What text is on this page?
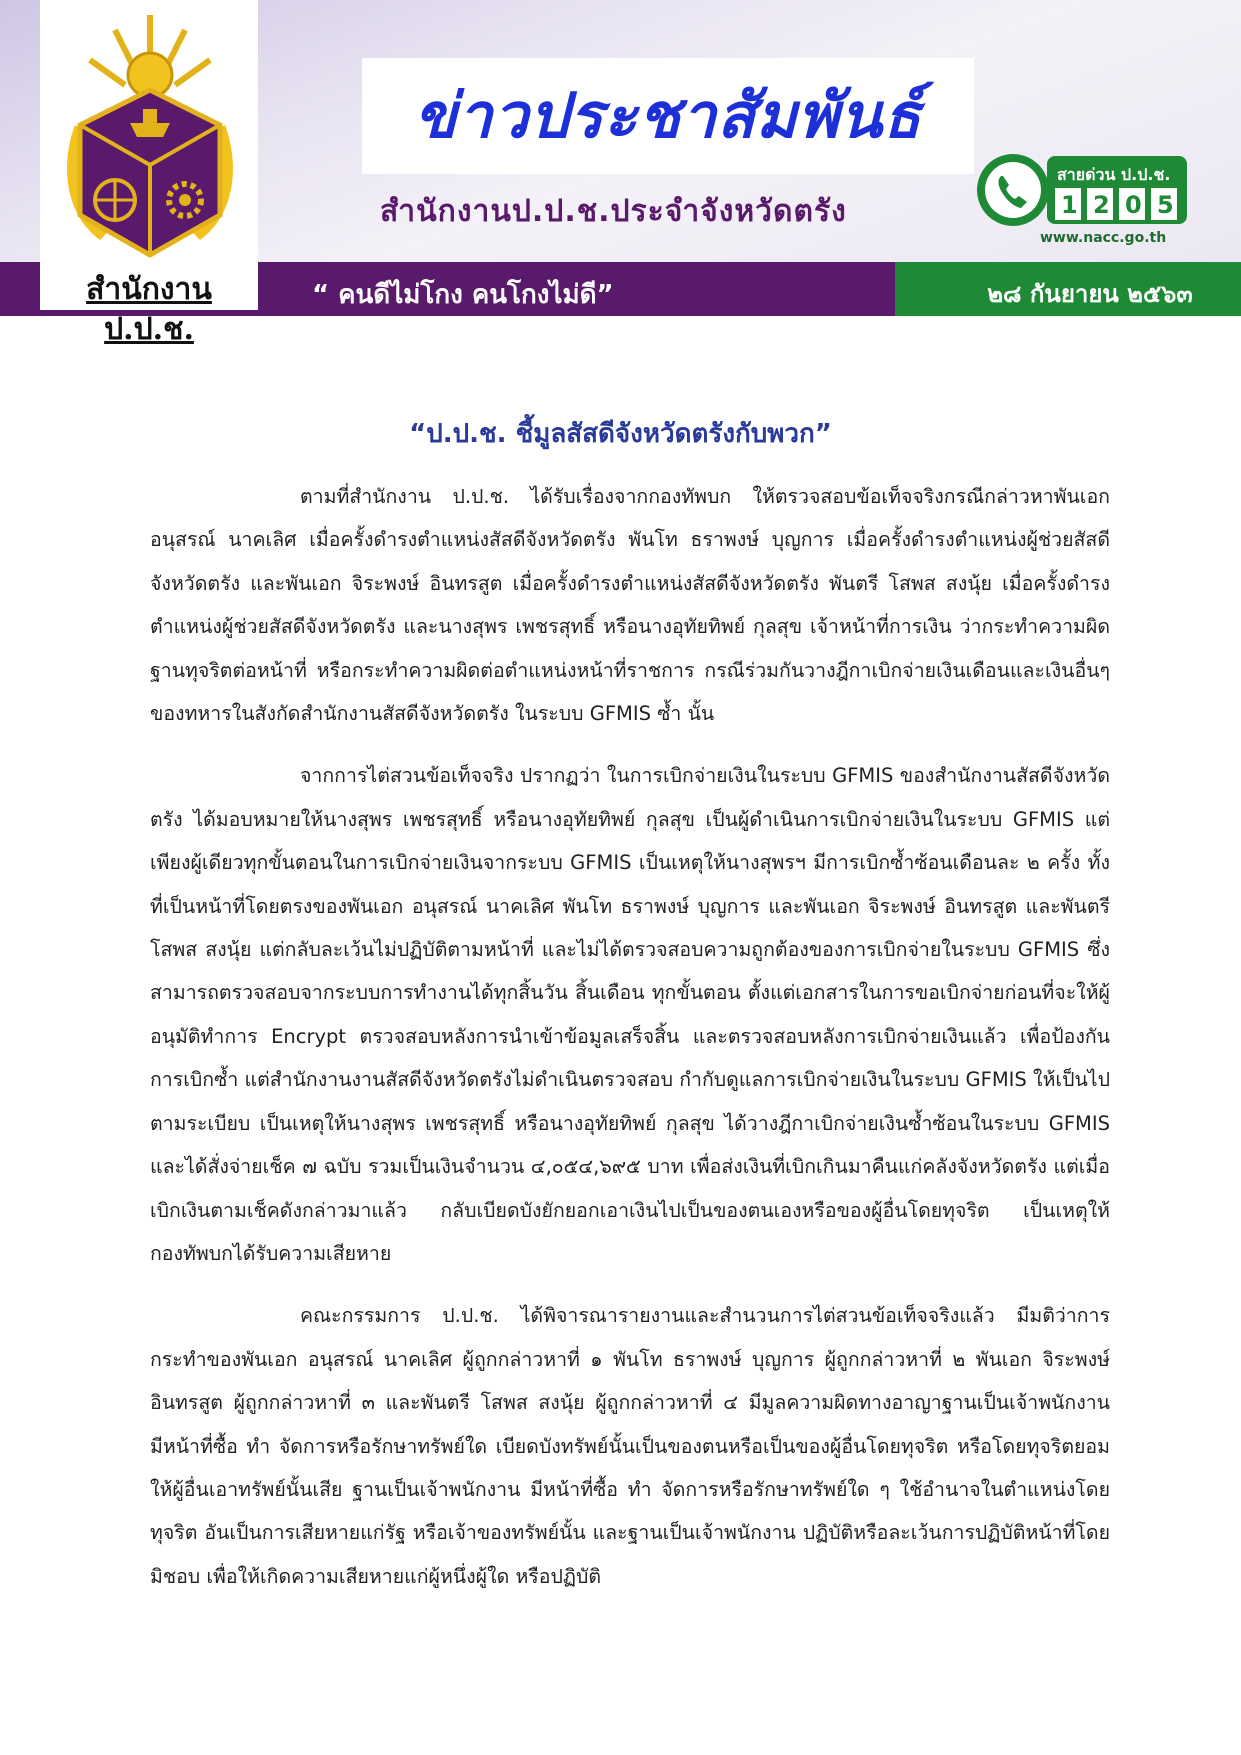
สำนักงาน ป.ป.ช.
ข่าวประชาสัมพันธ์
สำนักงานป.ป.ช.ประจำจังหวัดตรัง
สายด่วน ป.ป.ช.
1 2 0 5
www.nacc.go.th
“ คนดีไม่โกง คนโกงไม่ดี”	๒๘ กันยายน ๒๕๖๓
“ป.ป.ช. ชี้มูลสัสดีจังหวัดตรังกับพวก”

ตามที่สำนักงาน ป.ป.ช. ได้รับเรื่องจากกองทัพบก ให้ตรวจสอบข้อเท็จจริงกรณีกล่าวหาพันเอก อนุสรณ์ นาคเลิศ เมื่อครั้งดำรงตำแหน่งสัสดีจังหวัดตรัง พันโท ธราพงษ์ บุญการ เมื่อครั้งดำรงตำแหน่งผู้ช่วยสัสดีจังหวัดตรัง และพันเอก จิระพงษ์ อินทรสูต เมื่อครั้งดำรงตำแหน่งสัสดีจังหวัดตรัง พันตรี โสพส สงนุ้ย เมื่อครั้งดำรงตำแหน่งผู้ช่วยสัสดีจังหวัดตรัง และนางสุพร เพชรสุทธิ์ หรือนางอุทัยทิพย์ กุลสุข เจ้าหน้าที่การเงิน ว่ากระทำความผิดฐานทุจริตต่อหน้าที่ หรือกระทำความผิดต่อตำแหน่งหน้าที่ราชการ กรณีร่วมกันวางฎีกาเบิกจ่ายเงินเดือนและเงินอื่นๆ ของทหารในสังกัดสำนักงานสัสดีจังหวัดตรัง ในระบบ GFMIS ซ้ำ นั้น

จากการไต่สวนข้อเท็จจริง ปรากฏว่า ในการเบิกจ่ายเงินในระบบ GFMIS ของสำนักงานสัสดีจังหวัดตรัง ได้มอบหมายให้นางสุพร เพชรสุทธิ์ หรือนางอุทัยทิพย์ กุลสุข เป็นผู้ดำเนินการเบิกจ่ายเงินในระบบ GFMIS แต่เพียงผู้เดียวทุกขั้นตอนในการเบิกจ่ายเงินจากระบบ GFMIS เป็นเหตุให้นางสุพรฯ มีการเบิกซ้ำซ้อนเดือนละ ๒ ครั้ง ทั้งที่เป็นหน้าที่โดยตรงของพันเอก อนุสรณ์ นาคเลิศ พันโท ธราพงษ์ บุญการ และพันเอก จิระพงษ์ อินทรสูต และพันตรี โสพส สงนุ้ย แต่กลับละเว้นไม่ปฏิบัติตามหน้าที่ และไม่ได้ตรวจสอบความถูกต้องของการเบิกจ่ายในระบบ GFMIS ซึ่งสามารถตรวจสอบจากระบบการทำงานได้ทุกสิ้นวัน สิ้นเดือน ทุกขั้นตอน ตั้งแต่เอกสารในการขอเบิกจ่ายก่อนที่จะให้ผู้อนุมัติทำการ Encrypt ตรวจสอบหลังการนำเข้าข้อมูลเสร็จสิ้น และตรวจสอบหลังการเบิกจ่ายเงินแล้ว เพื่อป้องกันการเบิกซ้ำ แต่สำนักงานงานสัสดีจังหวัดตรังไม่ดำเนินตรวจสอบ กำกับดูแลการเบิกจ่ายเงินในระบบ GFMIS ให้เป็นไปตามระเบียบ เป็นเหตุให้นางสุพร เพชรสุทธิ์ หรือนางอุทัยทิพย์ กุลสุข ได้วางฎีกาเบิกจ่ายเงินซ้ำซ้อนในระบบ GFMIS และได้สั่งจ่ายเช็ค ๗ ฉบับ รวมเป็นเงินจำนวน ๔,๐๕๔,๖๙๕ บาท เพื่อส่งเงินที่เบิกเกินมาคืนแก่คลังจังหวัดตรัง แต่เมื่อเบิกเงินตามเช็คดังกล่าวมาแล้ว กลับเบียดบังยักยอกเอาเงินไปเป็นของตนเองหรือของผู้อื่นโดยทุจริต เป็นเหตุให้กองทัพบกได้รับความเสียหาย

คณะกรรมการ ป.ป.ช. ได้พิจารณารายงานและสำนวนการไต่สวนข้อเท็จจริงแล้ว มีมติว่าการกระทำของพันเอก อนุสรณ์ นาคเลิศ ผู้ถูกกล่าวหาที่ ๑ พันโท ธราพงษ์ บุญการ ผู้ถูกกล่าวหาที่ ๒ พันเอก จิระพงษ์ อินทรสูต ผู้ถูกกล่าวหาที่ ๓ และพันตรี โสพส สงนุ้ย ผู้ถูกกล่าวหาที่ ๔ มีมูลความผิดทางอาญาฐานเป็นเจ้าพนักงาน มีหน้าที่ซื้อ ทำ จัดการหรือรักษาทรัพย์ใด เบียดบังทรัพย์นั้นเป็นของตนหรือเป็นของผู้อื่นโดยทุจริต หรือโดยทุจริตยอมให้ผู้อื่นเอาทรัพย์นั้นเสีย ฐานเป็นเจ้าพนักงาน มีหน้าที่ซื้อ ทำ จัดการหรือรักษาทรัพย์ใด ๆ ใช้อำนาจในตำแหน่งโดยทุจริต อันเป็นการเสียหายแก่รัฐ หรือเจ้าของทรัพย์นั้น และฐานเป็นเจ้าพนักงาน ปฏิบัติหรือละเว้นการปฏิบัติหน้าที่โดยมิชอบ เพื่อให้เกิดความเสียหายแก่ผู้หนึ่งผู้ใด หรือปฏิบัติ
